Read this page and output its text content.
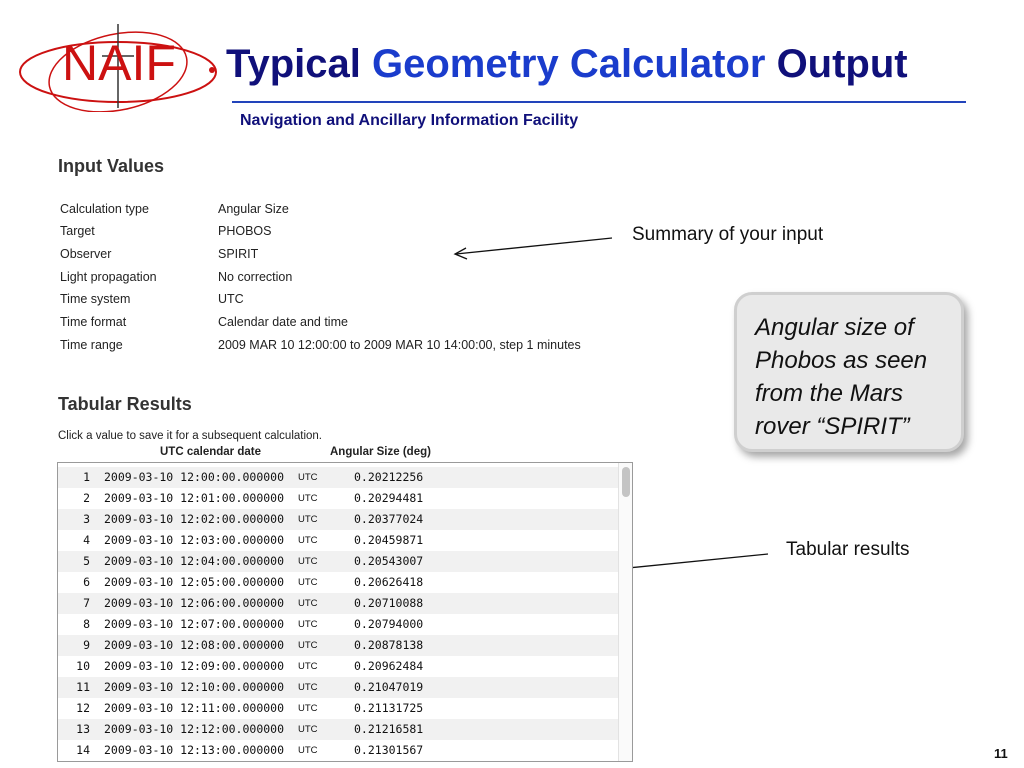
NAIF Typical Geometry Calculator Output
Navigation and Ancillary Information Facility
Input Values
Calculation type	Angular Size
Target	PHOBOS
Observer	SPIRIT
Light propagation	No correction
Time system	UTC
Time format	Calendar date and time
Time range	2009 MAR 10 12:00:00 to 2009 MAR 10 14:00:00, step 1 minutes
Summary of your input
Tabular results
Angular size of
Phobos as seen
from the Mars
rover “SPIRIT”
Tabular Results
Click a value to save it for a subsequent calculation.
UTC calendar date	Angular Size (deg)
1 2009-03-10 12:00:00.000000 UTC	0.20212256
2 2009-03-10 12:01:00.000000 UTC	0.20294481
3 2009-03-10 12:02:00.000000 UTC	0.20377024
4 2009-03-10 12:03:00.000000 UTC	0.20459871
5 2009-03-10 12:04:00.000000 UTC	0.20543007
6 2009-03-10 12:05:00.000000 UTC	0.20626418
7 2009-03-10 12:06:00.000000 UTC	0.20710088
8 2009-03-10 12:07:00.000000 UTC	0.20794000
9 2009-03-10 12:08:00.000000 UTC	0.20878138
10 2009-03-10 12:09:00.000000 UTC	0.20962484
11 2009-03-10 12:10:00.000000 UTC	0.21047019
12 2009-03-10 12:11:00.000000 UTC	0.21131725
13 2009-03-10 12:12:00.000000 UTC	0.21216581
14 2009-03-10 12:13:00.000000 UTC	0.21301567	11
